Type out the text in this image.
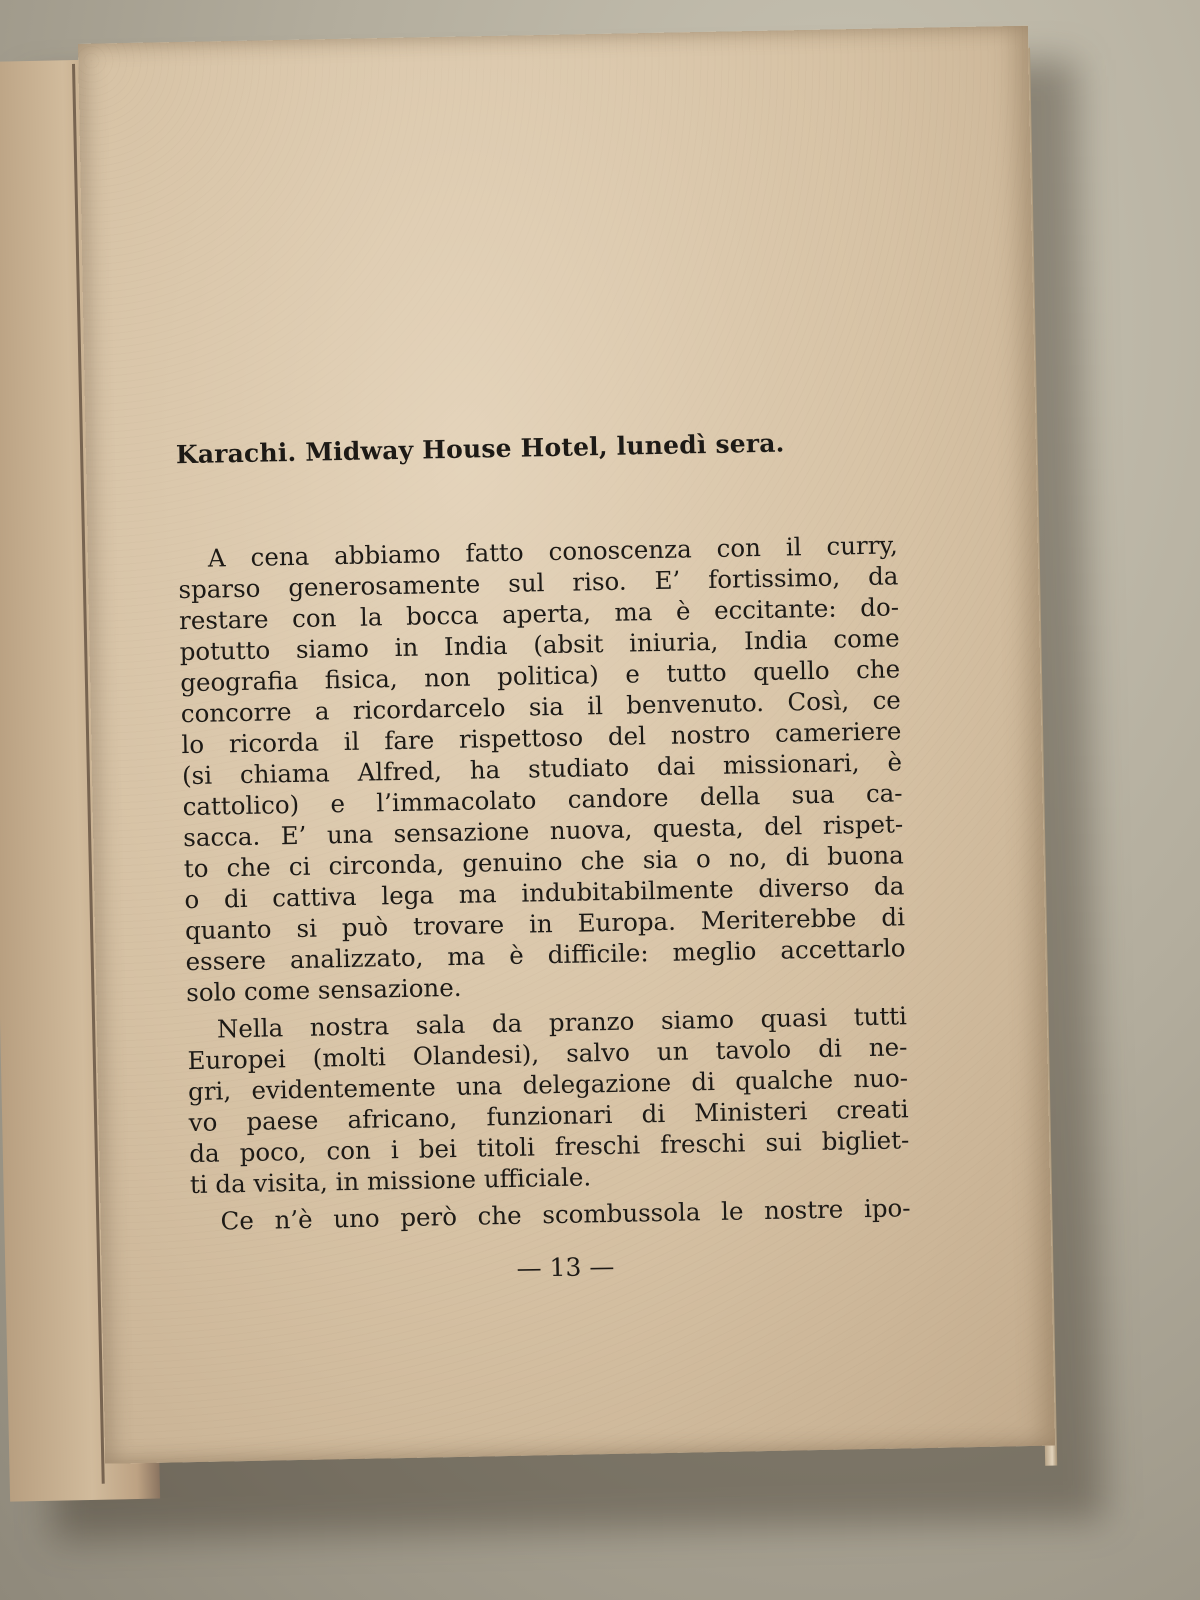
Karachi. Midway House Hotel, lunedì sera.
A cena abbiamo fatto conoscenza con il curry,
sparso generosamente sul riso. E’ fortissimo, da
restare con la bocca aperta, ma è eccitante: do-
potutto siamo in India (absit iniuria, India come
geografia fisica, non politica) e tutto quello che
concorre a ricordarcelo sia il benvenuto. Così, ce
lo ricorda il fare rispettoso del nostro cameriere
(si chiama Alfred, ha studiato dai missionari, è
cattolico) e l’immacolato candore della sua ca-
sacca. E’ una sensazione nuova, questa, del rispet-
to che ci circonda, genuino che sia o no, di buona
o di cattiva lega ma indubitabilmente diverso da
quanto si può trovare in Europa. Meriterebbe di
essere analizzato, ma è difficile: meglio accettarlo
solo come sensazione.
Nella nostra sala da pranzo siamo quasi tutti
Europei (molti Olandesi), salvo un tavolo di ne-
gri, evidentemente una delegazione di qualche nuo-
vo paese africano, funzionari di Ministeri creati
da poco, con i bei titoli freschi freschi sui bigliet-
ti da visita, in missione ufficiale.
Ce n’è uno però che scombussola le nostre ipo-
— 13 —
